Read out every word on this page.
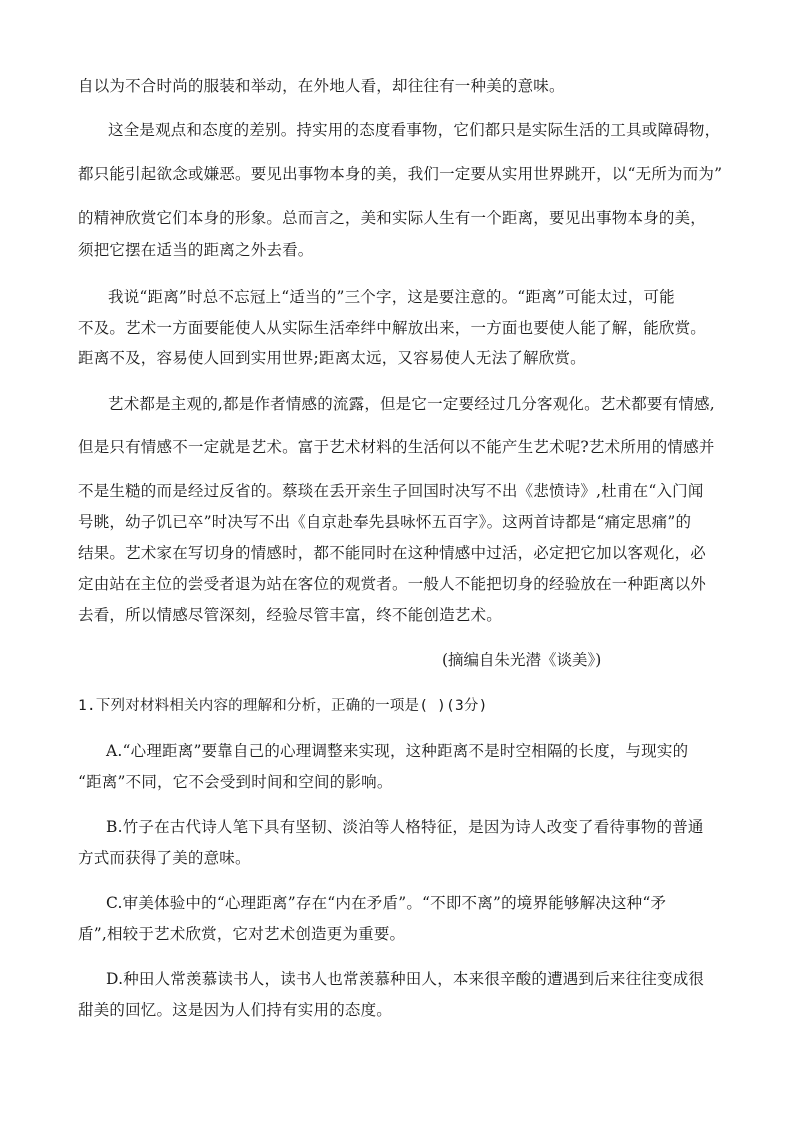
自以为不合时尚的服装和举动，在外地人看，却往往有一种美的意味。
这全是观点和态度的差别。持实用的态度看事物，它们都只是实际生活的工具或障碍物，
都只能引起欲念或嫌恶。要见出事物本身的美，我们一定要从实用世界跳开，以“无所为而为”
的精神欣赏它们本身的形象。总而言之，美和实际人生有一个距离，要见出事物本身的美，
须把它摆在适当的距离之外去看。
我说“距离”时总不忘冠上“适当的”三个字，这是要注意的。“距离”可能太过，可能
不及。艺术一方面要能使人从实际生活牵绊中解放出来，一方面也要使人能了解，能欣赏。
距离不及，容易使人回到实用世界;距离太远，又容易使人无法了解欣赏。
艺术都是主观的,都是作者情感的流露，但是它一定要经过几分客观化。艺术都要有情感,
但是只有情感不一定就是艺术。富于艺术材料的生活何以不能产生艺术呢?艺术所用的情感并
不是生糙的而是经过反省的。蔡琰在丢开亲生子回国时决写不出《悲愤诗》,杜甫在“入门闻
号眺，幼子饥已卒”时决写不出《自京赴奉先县咏怀五百字》。这两首诗都是“痛定思痛”的
结果。艺术家在写切身的情感时，都不能同时在这种情感中过活，必定把它加以客观化，必
定由站在主位的尝受者退为站在客位的观赏者。一般人不能把切身的经验放在一种距离以外
去看，所以情感尽管深刻，经验尽管丰富，终不能创造艺术。
(摘编自朱光潜《谈美》)
1.下列对材料相关内容的理解和分析，正确的一项是( )(3分)
A.“心理距离”要靠自己的心理调整来实现，这种距离不是时空相隔的长度，与现实的
“距离”不同，它不会受到时间和空间的影响。
B.竹子在古代诗人笔下具有坚韧、淡泊等人格特征，是因为诗人改变了看待事物的普通
方式而获得了美的意味。
C.审美体验中的“心理距离”存在“内在矛盾”。“不即不离”的境界能够解决这种“矛
盾”,相较于艺术欣赏，它对艺术创造更为重要。
D.种田人常羡慕读书人，读书人也常羡慕种田人，本来很辛酸的遭遇到后来往往变成很
甜美的回忆。这是因为人们持有实用的态度。
